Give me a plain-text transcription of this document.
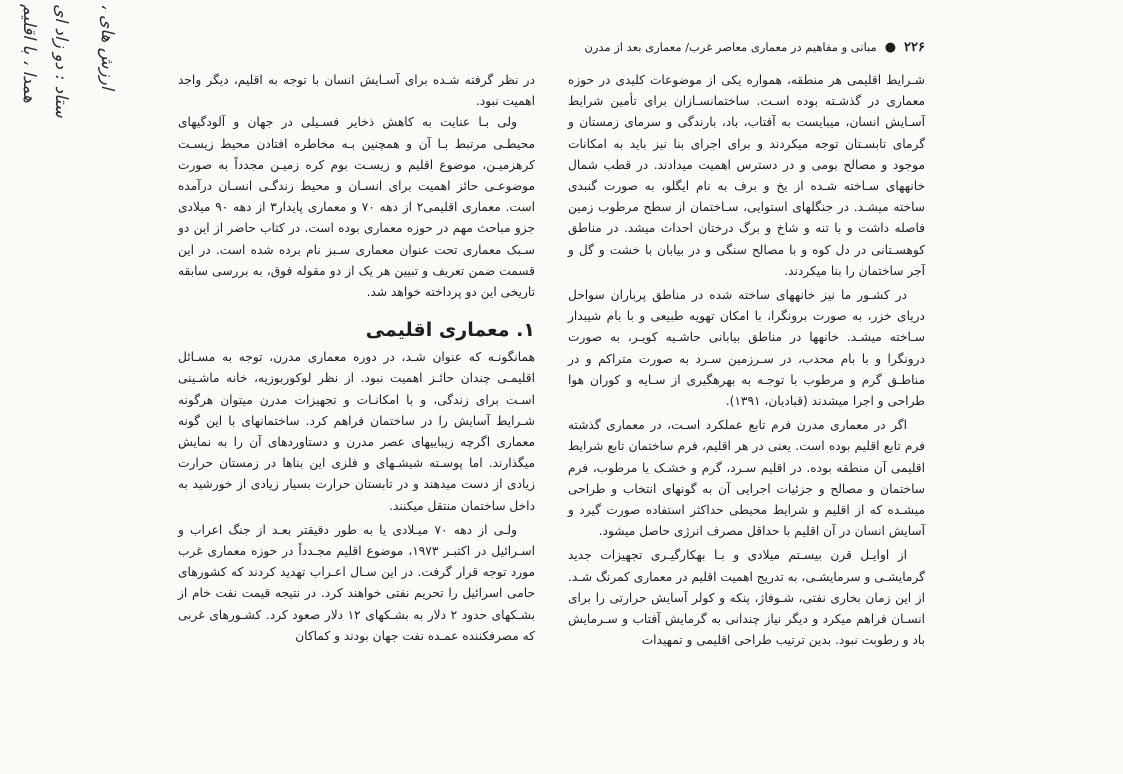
همدا ، با اقلیم ستاد : دو زاد ای ارزش های ،	۲۲۶
●
مبانی و مفاهیم در معماری معاصر غرب/ معماری بعد از مدرن

شـرایط اقلیمی هر منطقه، همواره یکی از موضوعات کلیدی در حوزه معماری در گذشـته بوده اسـت. ساختمانسـازان برای تأمین شرایط آسـایش انسان، میبایست به آفتاب، باد، بارندگی و سرمای زمستان و گرمای تابسـتان توجه میکردند و برای اجرای بنا نیز باید به امکانات موجود و مصالح بومی و در دسترس اهمیت میدادند. در قطب شمال خانههای سـاخته شـده از یخ و برف به نام ایگلو، به صورت گنبدی ساخته میشـد. در جنگلهای استوایی، سـاختمان از سطح مرطوب زمین فاصله داشت و با تنه و شاخ و برگ درختان احداث میشد. در مناطق کوهسـتانی در دل کوه و با مصالح سنگی و در بیابان با خشت و گل و آجر ساختمان را بنا میکردند.

در کشـور ما نیز خانههای ساخته شده در مناطق پرباران سواحل دریای خزر، به صورت برونگرا، با امکان تهویه طبیعی و با بام شیبدار سـاخته میشـد. خانهها در مناطق بیابانی حاشـیه کویـر، به صورت درونگرا و با بام محدب، در سـرزمین سـرد به صورت متراکم و در مناطـق گرم و مرطوب با توجـه به بهرهگیری از سـایه و کوران هوا طراحی و اجرا میشدند (قبادیان، ۱۳۹۱).

اگر در معماری مدرن فرم تابع عملکرد اسـت، در معماری گذشته فرم تابع اقلیم بوده است. یعنی در هر اقلیم، فرم ساختمان تابع شرایط اقلیمی آن منطقه بوده. در اقلیم سـرد، گرم و خشـک یا مرطوب، فرم ساختمان و مصالح و جزئیات اجرایی آن به گونهای انتخاب و طراحی میشـده که از اقلیم و شرایط محیطی حداکثر استفاده صورت گیرد و آسایش انسان در آن اقلیم با حداقل مصرف انرژی حاصل میشود.

از اوایـل قرن بیسـتم میلادی و بـا بهکارگیـری تجهیزات جدید گرمایشـی و سرمایشـی، به تدریج اهمیت اقلیم در معماری کمرنگ شـد. از این زمان بخاری نفتی، شـوفاژ، پنکه و کولر آسایش حرارتی را برای انسـان فراهم میکرد و دیگر نیاز چندانی به گرمایش آفتاب و سـرمایش باد و رطوبت نبود. بدین ترتیب طراحی اقلیمی و تمهیدات

در نظر گرفته شـده برای آسـایش انسان با توجه به اقلیم، دیگر واجد اهمیت نبود.

ولی بـا عنایت به کاهش ذخایر فسـیلی در جهان و آلودگیهای محیطـی مرتبط بـا آن و همچنین بـه مخاطره افتادن محیط زیسـت کرهزمیـن، موضوع اقلیم و زیسـت بوم کره زمیـن مجدداً به صورت موضوعـی حائز اهمیت برای انسـان و محیط زندگـی انسـان درآمده است. معماری اقلیمی۲ از دهه ۷۰ و معماری پایدار۳ از دهه ۹۰ میلادی جزو مباحث مهم در حوزه معماری بوده است. در کتاب حاضر از این دو سـبک معماری تحت عنوان معماری سـبز نام برده شده است. در این قسمت ضمن تعریف و تبیین هر یک از دو مقوله فوق، به بررسی سابقه تاریخی این دو پرداخته خواهد شد.

۱. معماری اقلیمی

همانگونـه که عنوان شـد، در دوره معماری مدرن، توجه به مسـائل اقلیمـی چندان حائـز اهمیت نبود. از نظر لوکوربوزیه، خانه ماشـینی اسـت برای زندگی، و با امکانـات و تجهیزات مدرن میتوان هرگونه شـرایط آسایش را در ساختمان فراهم کرد. ساختمانهای با این گونه معماری اگرچه زیباییهای عصر مدرن و دستاوردهای آن را به نمایش میگذارند. اما پوسـته شیشـهای و فلزی این بناها در زمستان حرارت زیادی از دست میدهند و در تابستان حرارت بسیار زیادی از خورشید به داخل ساختمان منتقل میکنند.

ولـی از دهه ۷۰ میـلادی یا به طور دقیقتر بعـد از جنگ اعراب و اسـرائیل در اکتبـر ۱۹۷۳، موضوع اقلیم مجـدداً در حوزه معماری غرب مورد توجه قرار گرفت. در این سـال اعـراب تهدید کردند که کشورهای حامی اسرائیل را تحریم نفتی خواهند کرد. در نتیجه قیمت نفت خام از بشـکهای حدود ۲ دلار به بشـکهای ۱۲ دلار صعود کرد. کشـورهای غربی که مصرفکننده عمـده نفت جهان بودند و کماکان
